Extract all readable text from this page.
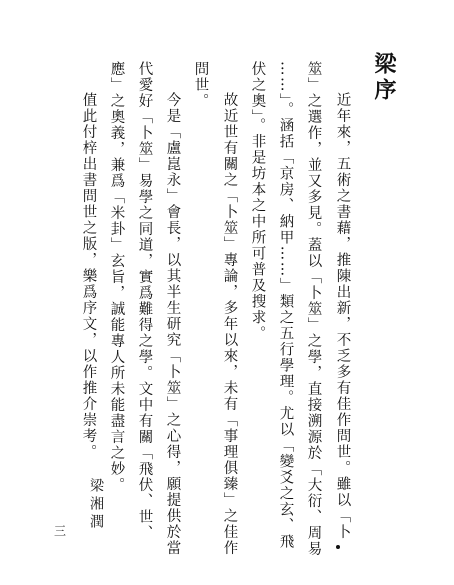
梁序
近年來，五術之書藉，推陳出新，不乏多有佳作問世。雖以「卜
筮」之選作，並又多見。蓋以「卜筮」之學，直接溯源於「大衍、周易
……」。涵括「京房、納甲……」類之五行學理。尤以「變爻之玄、飛
伏之奧」。非是坊本之中所可普及搜求。
故近世有關之「卜筮」專論，多年以來，未有「事理俱臻」之佳作
問世。
今是「盧崑永」會長，以其半生研究「卜筮」之心得，願提供於當
代愛好「卜筮」易學之同道，實爲難得之學。文中有關「飛伏、世、
應」之奧義，兼爲「米卦」玄旨，誠能專人所未能盡言之妙。
值此付梓出書問世之版，樂爲序文，以作推介崇考。
梁湘潤
三
